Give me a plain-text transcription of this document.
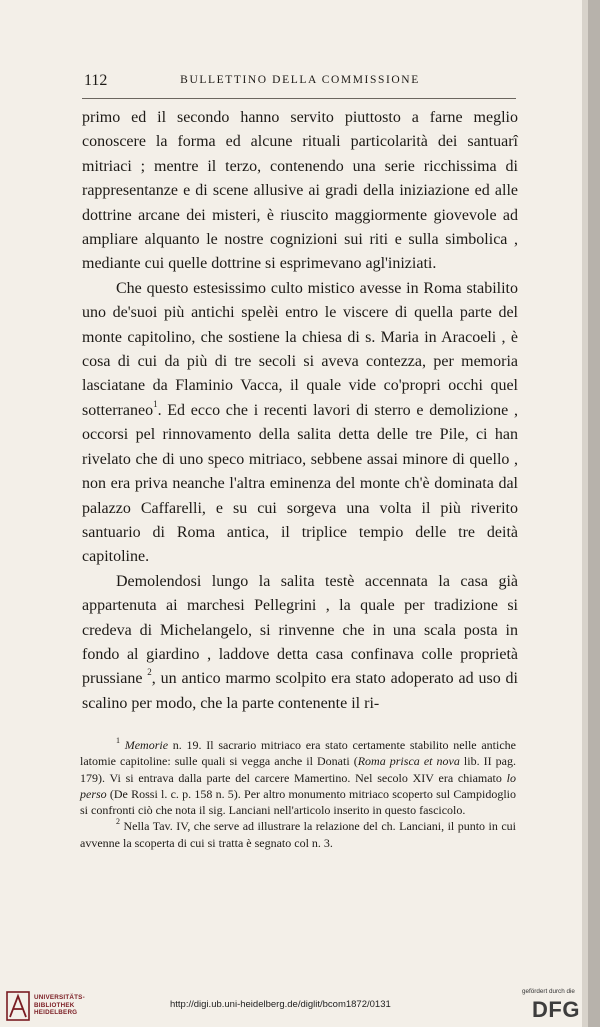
112	BULLETTINO DELLA COMMISSIONE

primo ed il secondo hanno servito piuttosto a farne meglio conoscere la forma ed alcune rituali particolarità dei santuarî mitriaci ; mentre il terzo, contenendo una serie ricchissima di rappresentanze e di scene allusive ai gradi della iniziazione ed alle dottrine arcane dei misteri, è riuscito maggiormente giovevole ad ampliare alquanto le nostre cognizioni sui riti e sulla simbolica , mediante cui quelle dottrine si esprimevano agl'iniziati.

Che questo estesissimo culto mistico avesse in Roma stabilito uno de'suoi più antichi spelèi entro le viscere di quella parte del monte capitolino, che sostiene la chiesa di s. Maria in Aracoeli , è cosa di cui da più di tre secoli si aveva contezza, per memoria lasciatane da Flaminio Vacca, il quale vide co'propri occhi quel sotterraneo$^1$. Ed ecco che i recenti lavori di sterro e demolizione , occorsi pel rinnovamento della salita detta delle tre Pile, ci han rivelato che di uno speco mitriaco, sebbene assai minore di quello , non era priva neanche l'altra eminenza del monte ch'è dominata dal palazzo Caffarelli, e su cui sorgeva una volta il più riverito santuario di Roma antica, il triplice tempio delle tre deità capitoline.

Demolendosi lungo la salita testè accennata la casa già appartenuta ai marchesi Pellegrini , la quale per tradizione si credeva di Michelangelo, si rinvenne che in una scala posta in fondo al giardino , laddove detta casa confinava colle proprietà prussiane $^2$, un antico marmo scolpito era stato adoperato ad uso di scalino per modo, che la parte contenente il ri-

$^1$ Memorie n. 19. Il sacrario mitriaco era stato certamente stabilito nelle antiche latomie capitoline: sulle quali si vegga anche il Donati (Roma prisca et nova lib. II pag. 179). Vi si entrava dalla parte del carcere Mamertino. Nel secolo XIV era chiamato lo perso (De Rossi l. c. p. 158 n. 5). Per altro monumento mitriaco scoperto sul Campidoglio si confronti ciò che nota il sig. Lanciani nell'articolo inserito in questo fascicolo.

$^2$ Nella Tav. IV, che serve ad illustrare la relazione del ch. Lanciani, il punto in cui avvenne la scoperta di cui si tratta è segnato col n. 3.

UNIVERSITÄTS-
BIBLIOTHEK
HEIDELBERG
http://digi.ub.uni-heidelberg.de/diglit/bcom1872/0131
gefördert durch die
DFG
